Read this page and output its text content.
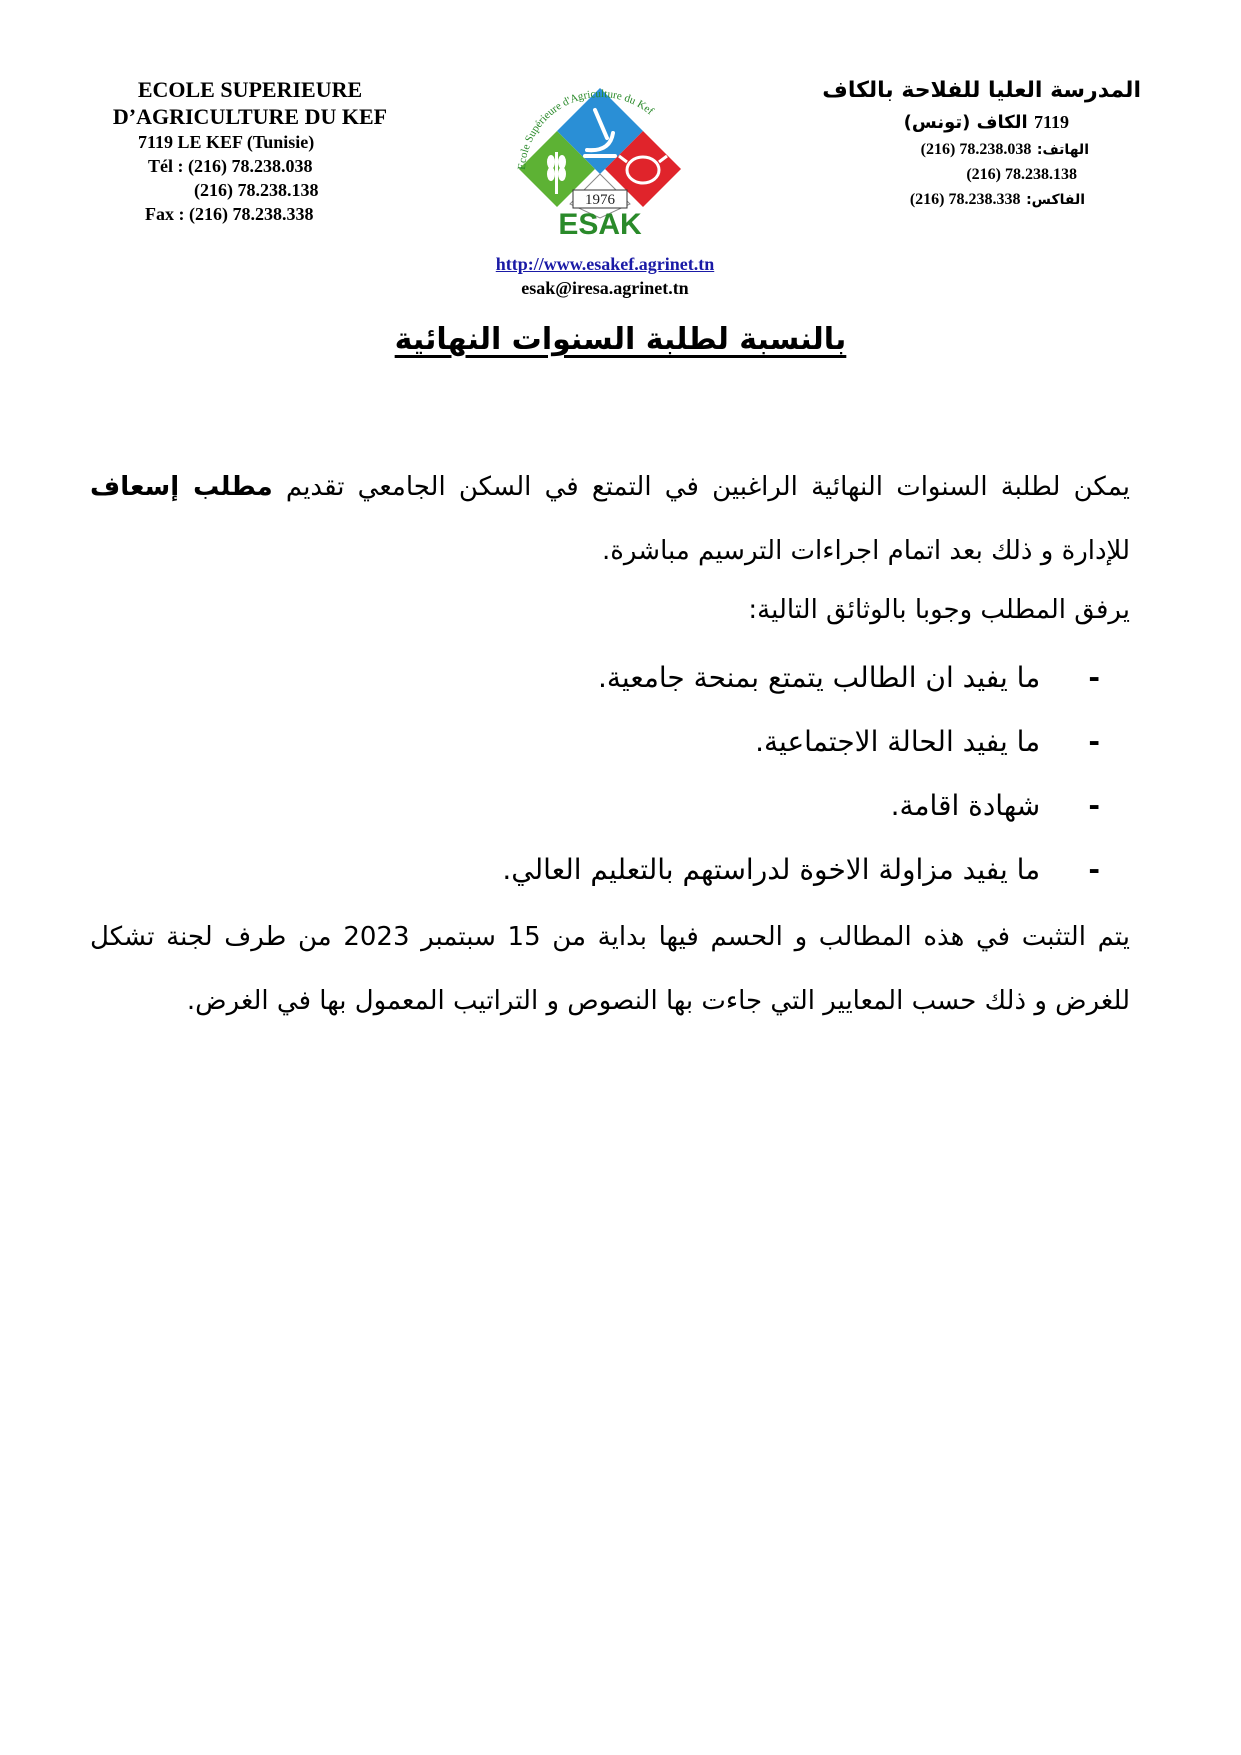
ECOLE SUPERIEURE
D’AGRICULTURE DU KEF
7119 LE KEF (Tunisie)
Tél : (216) 78.238.038
(216) 78.238.138
Fax : (216) 78.238.338
Ecole Supérieure d'Agriculture du Kef
1976
ESAK
المدرسة العليا للفلاحة بالكاف
7119 الكاف (تونس)
الهاتف: (216) 78.238.038
(216) 78.238.138
الفاكس: (216) 78.238.338
http://www.esakef.agrinet.tn
esak@iresa.agrinet.tn
بالنسبة لطلبة السنوات النهائية
يمكن لطلبة السنوات النهائية الراغبين في التمتع في السكن الجامعي تقديم مطلب إسعاف للإدارة و ذلك بعد اتمام اجراءات الترسيم مباشرة.
يرفق المطلب وجوبا بالوثائق التالية:
-  ما يفيد ان الطالب يتمتع بمنحة جامعية.
-  ما يفيد الحالة الاجتماعية.
-  شهادة اقامة.
-  ما يفيد مزاولة الاخوة لدراستهم بالتعليم العالي.
يتم التثبت في هذه المطالب و الحسم فيها بداية من 15 سبتمبر 2023 من طرف لجنة تشكل للغرض و ذلك حسب المعايير التي جاءت بها النصوص و التراتيب المعمول بها في الغرض.
